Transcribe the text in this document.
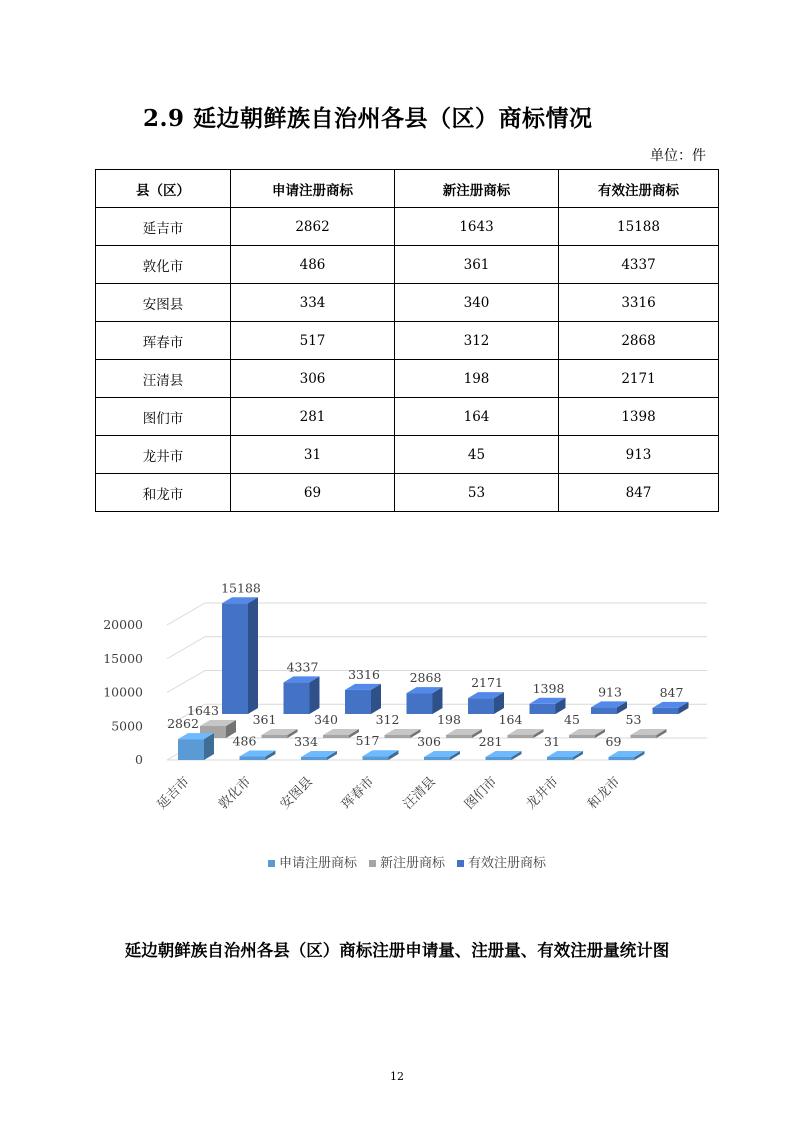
2.9 延边朝鲜族自治州各县（区）商标情况
单位：件
县（区）	申请注册商标	新注册商标	有效注册商标
延吉市	2862	1643	15188
敦化市	486	361	4337
安图县	334	340	3316
珲春市	517	312	2868
汪清县	306	198	2171
图们市	281	164	1398
龙井市	31	45	913
和龙市	69	53	847
0
5000
10000
15000
20000
15188
4337 3316 2868 2171 1398	913	847
1643
361	340	312	198	164	45	53
2862
486	334	517	306	281	31	69
延吉市 敦化市 安图县 珲春市 汪清县 图们市 龙井市 和龙市
申请注册商标 新注册商标 有效注册商标
延边朝鲜族自治州各县（区）商标注册申请量、注册量、有效注册量统计图
12
